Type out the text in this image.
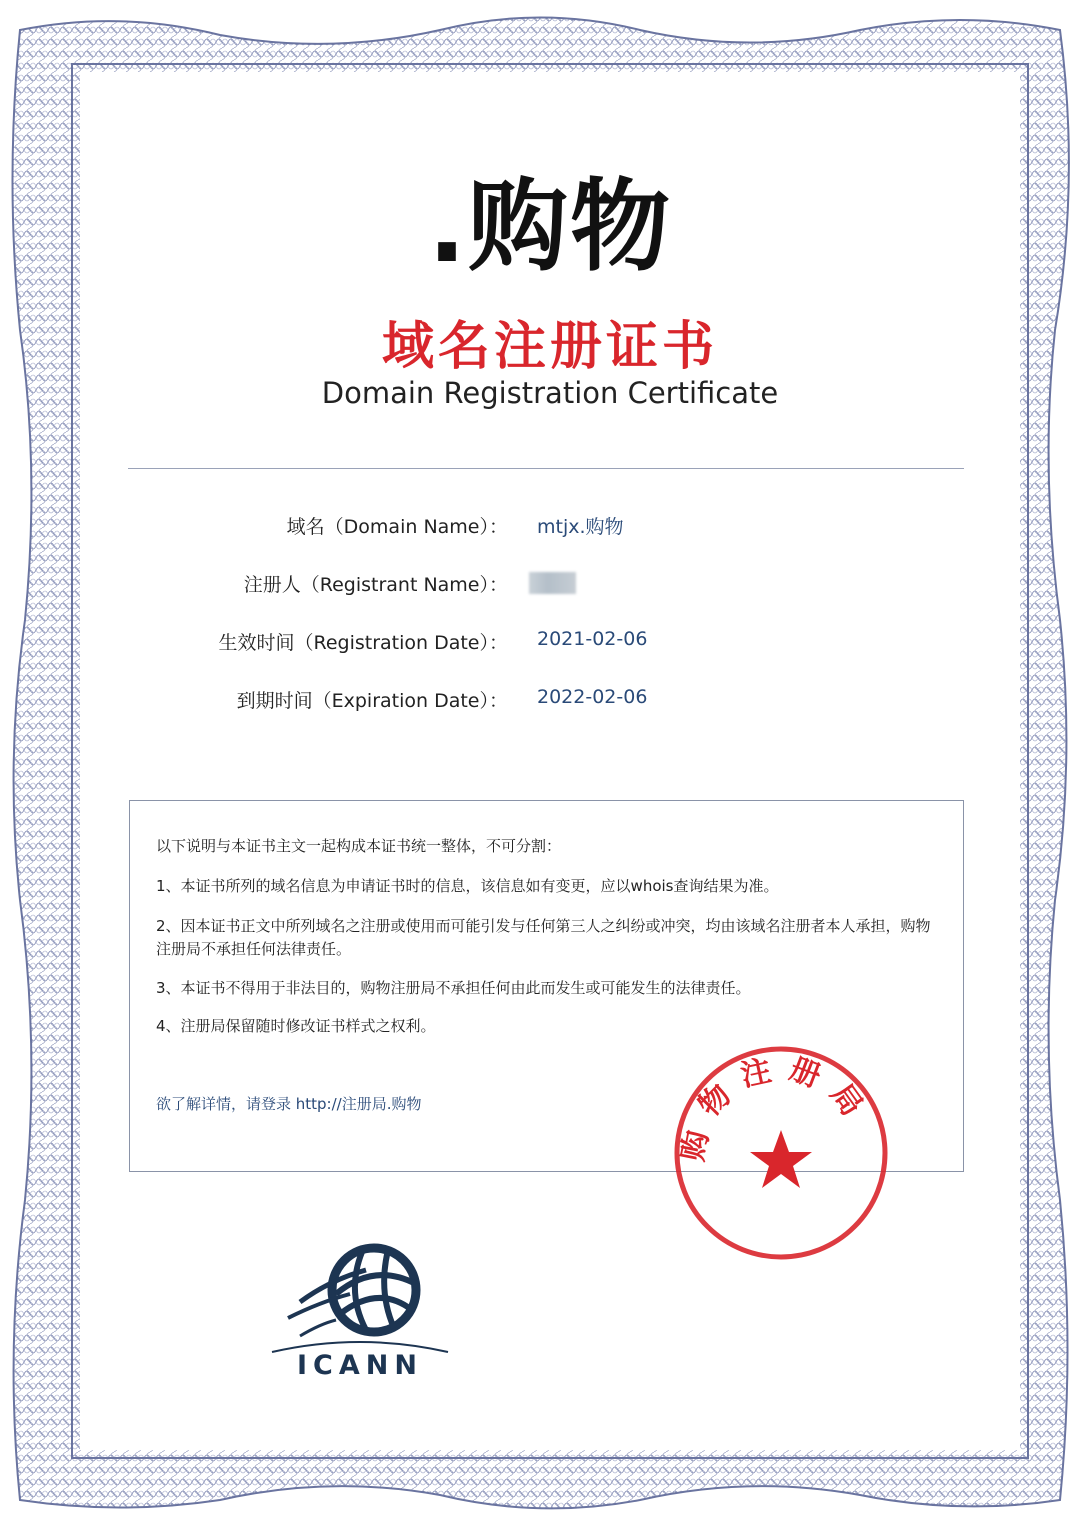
.购物
域名注册证书
Domain Registration Certificate
域名（Domain Name）： mtjx.购物
注册人（Registrant Name）：
生效时间（Registration Date）： 2021-02-06
到期时间（Expiration Date）： 2022-02-06

以下说明与本证书主文一起构成本证书统一整体，不可分割：

1、本证书所列的域名信息为申请证书时的信息，该信息如有变更，应以whois查询结果为准。

2、因本证书正文中所列域名之注册或使用而可能引发与任何第三人之纠纷或冲突，均由该域名注册者本人承担，购物注册局不承担任何法律责任。

3、本证书不得用于非法目的，购物注册局不承担任何由此而发生或可能发生的法律责任。

4、注册局保留随时修改证书样式之权利。

欲了解详情，请登录 http://注册局.购物

购物注册局
ICANN
